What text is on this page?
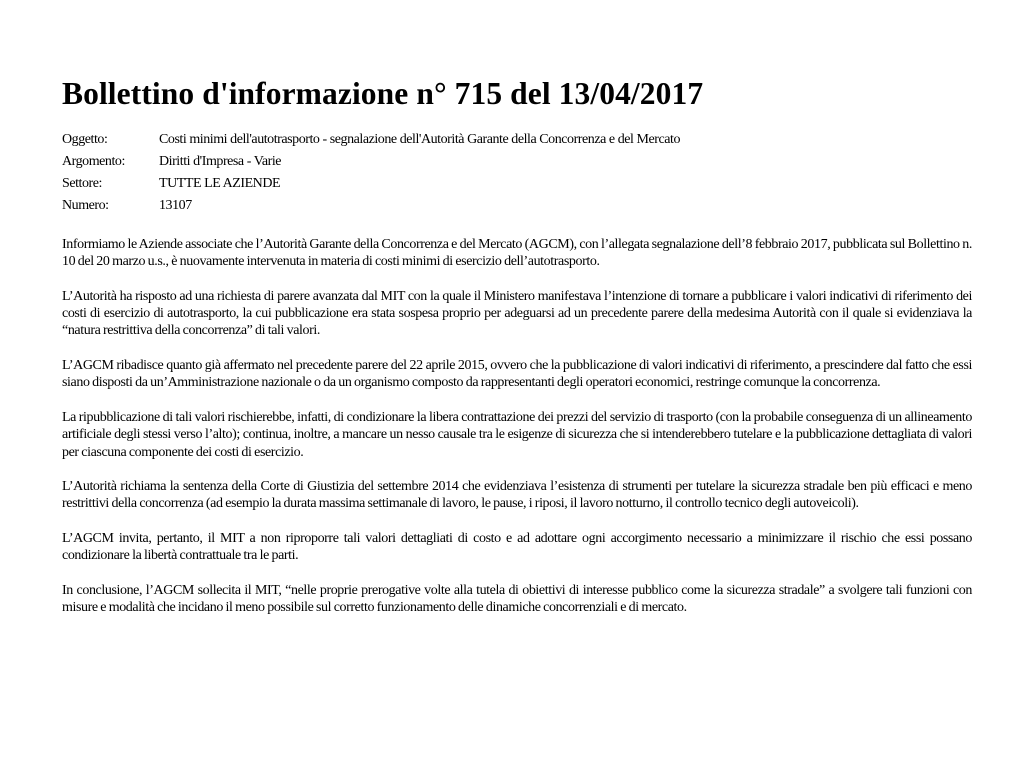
Bollettino d'informazione n° 715 del 13/04/2017
Oggetto:	Costi minimi dell'autotrasporto - segnalazione dell'Autorità Garante della Concorrenza e del Mercato
Argomento:	Diritti d'Impresa - Varie
Settore:	TUTTE LE AZIENDE
Numero:	13107

Informiamo le Aziende associate che l’Autorità Garante della Concorrenza e del Mercato (AGCM), con l’allegata segnalazione dell’8 febbraio 2017, pubblicata sul Bollettino n. 10 del 20 marzo u.s., è nuovamente intervenuta in materia di costi minimi di esercizio dell’autotrasporto.

L’Autorità ha risposto ad una richiesta di parere avanzata dal MIT con la quale il Ministero manifestava l’intenzione di tornare a pubblicare i valori indicativi di riferimento dei costi di esercizio di autotrasporto, la cui pubblicazione era stata sospesa proprio per adeguarsi ad un precedente parere della medesima Autorità con il quale si evidenziava la “natura restrittiva della concorrenza” di tali valori.

L’AGCM ribadisce quanto già affermato nel precedente parere del 22 aprile 2015, ovvero che la pubblicazione di valori indicativi di riferimento, a prescindere dal fatto che essi siano disposti da un’Amministrazione nazionale o da un organismo composto da rappresentanti degli operatori economici, restringe comunque la concorrenza.

La ripubblicazione di tali valori rischierebbe, infatti, di condizionare la libera contrattazione dei prezzi del servizio di trasporto (con la probabile conseguenza di un allineamento artificiale degli stessi verso l’alto); continua, inoltre, a mancare un nesso causale tra le esigenze di sicurezza che si intenderebbero tutelare e la pubblicazione dettagliata di valori per ciascuna componente dei costi di esercizio.

L’Autorità richiama la sentenza della Corte di Giustizia del settembre 2014 che evidenziava l’esistenza di strumenti per tutelare la sicurezza stradale ben più efficaci e meno restrittivi della concorrenza (ad esempio la durata massima settimanale di lavoro, le pause, i riposi, il lavoro notturno, il controllo tecnico degli autoveicoli).

L’AGCM invita, pertanto, il MIT a non riproporre tali valori dettagliati di costo e ad adottare ogni accorgimento necessario a minimizzare il rischio che essi possano condizionare la libertà contrattuale tra le parti.

In conclusione, l’AGCM sollecita il MIT, “nelle proprie prerogative volte alla tutela di obiettivi di interesse pubblico come la sicurezza stradale” a svolgere tali funzioni con misure e modalità che incidano il meno possibile sul corretto funzionamento delle dinamiche concorrenziali e di mercato.
